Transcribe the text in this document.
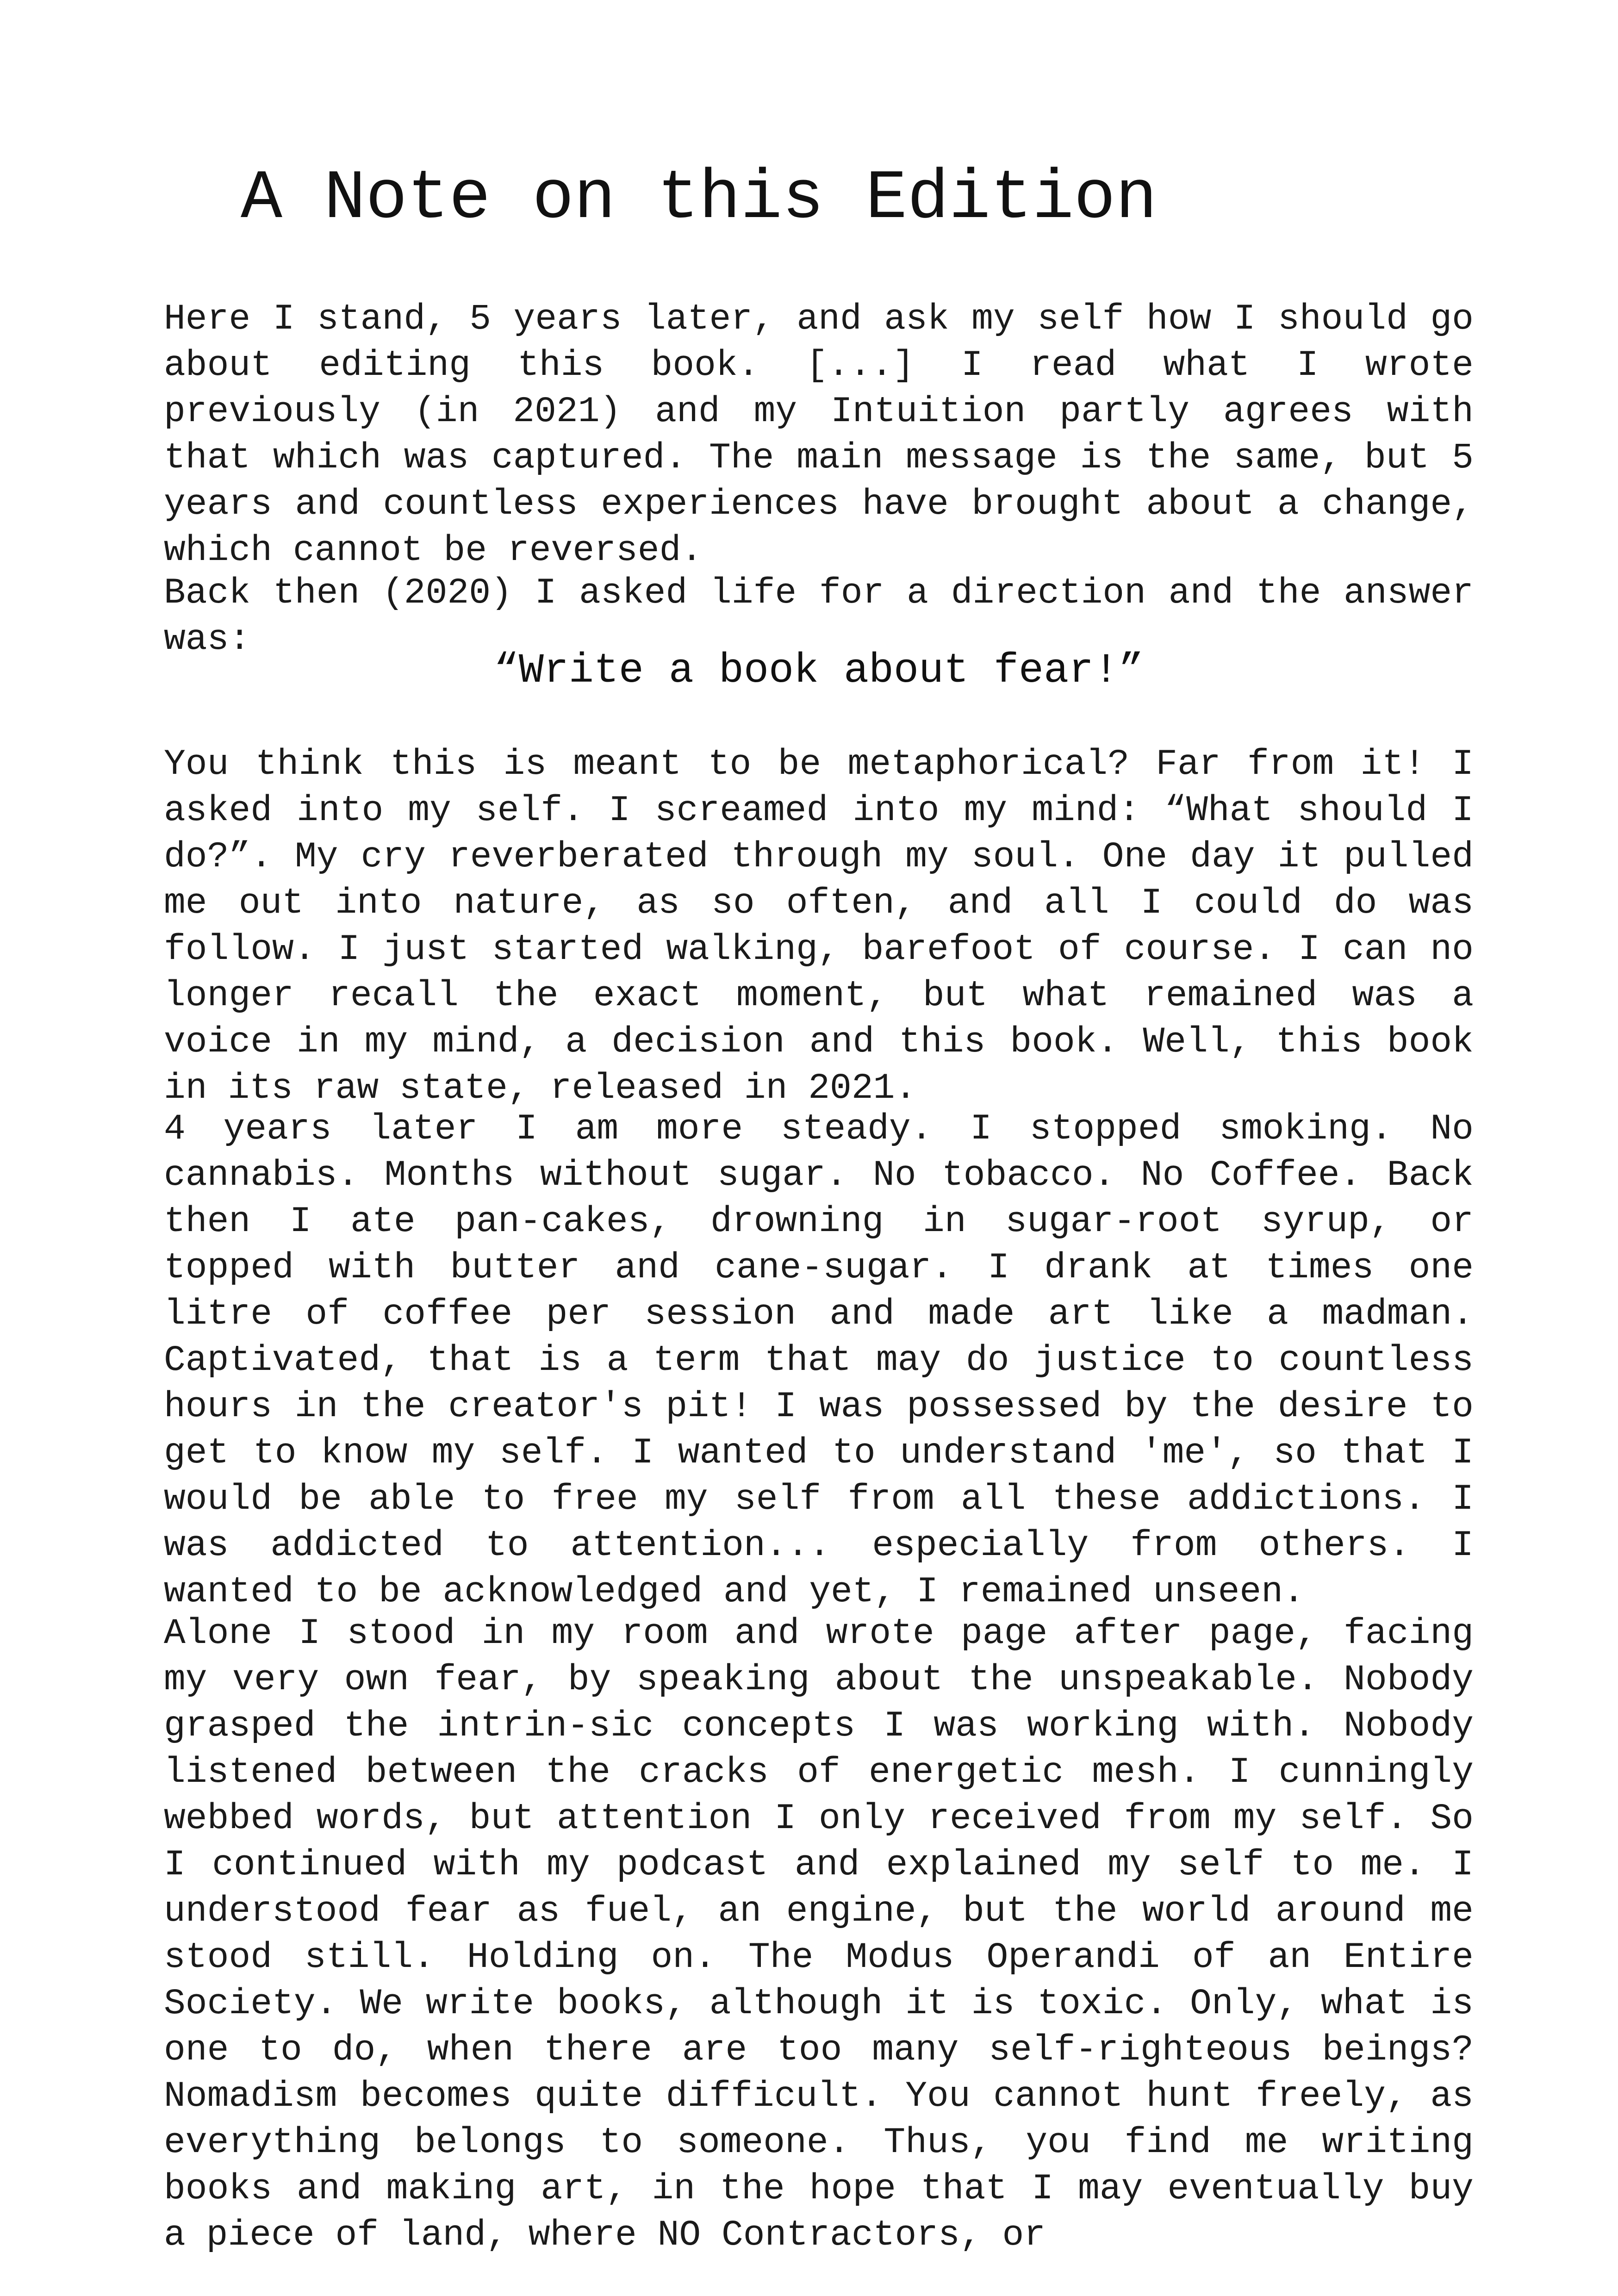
A Note on this Edition

Here I stand, 5 years later, and ask my self how I should go about editing this book. [...] I read what I wrote previously (in 2021) and my Intuition partly agrees with that which was captured. The main message is the same, but 5 years and countless experiences have brought about a change, which cannot be reversed.

Back then (2020) I asked life for a direction and the answer was:

“Write a book about fear!”

You think this is meant to be metaphorical? Far from it! I asked into my self. I screamed into my mind: “What should I do?”. My cry reverberated through my soul. One day it pulled me out into nature, as so often, and all I could do was follow. I just started walking, barefoot of course. I can no longer recall the exact moment, but what remained was a voice in my mind, a decision and this book. Well, this book in its raw state, released in 2021.

4 years later I am more steady. I stopped smoking. No cannabis. Months without sugar. No tobacco. No Coffee. Back then I ate pan-cakes, drowning in sugar-root syrup, or topped with butter and cane-sugar. I drank at times one litre of coffee per session and made art like a madman. Captivated, that is a term that may do justice to countless hours in the creator's pit! I was possessed by the desire to get to know my self. I wanted to understand 'me', so that I would be able to free my self from all these addictions. I was addicted to attention... especially from others. I wanted to be acknowledged and yet, I remained unseen.

Alone I stood in my room and wrote page after page, facing my very own fear, by speaking about the unspeakable. Nobody grasped the intrin-sic concepts I was working with. Nobody listened between the cracks of energetic mesh. I cunningly webbed words, but attention I only received from my self. So I continued with my podcast and explained my self to me. I understood fear as fuel, an engine, but the world around me stood still. Holding on. The Modus Operandi of an Entire Society. We write books, although it is toxic. Only, what is one to do, when there are too many self-righteous beings? Nomadism becomes quite difficult. You cannot hunt freely, as everything belongs to someone. Thus, you find me writing books and making art, in the hope that I may eventually buy a piece of land, where NO Contractors, or
